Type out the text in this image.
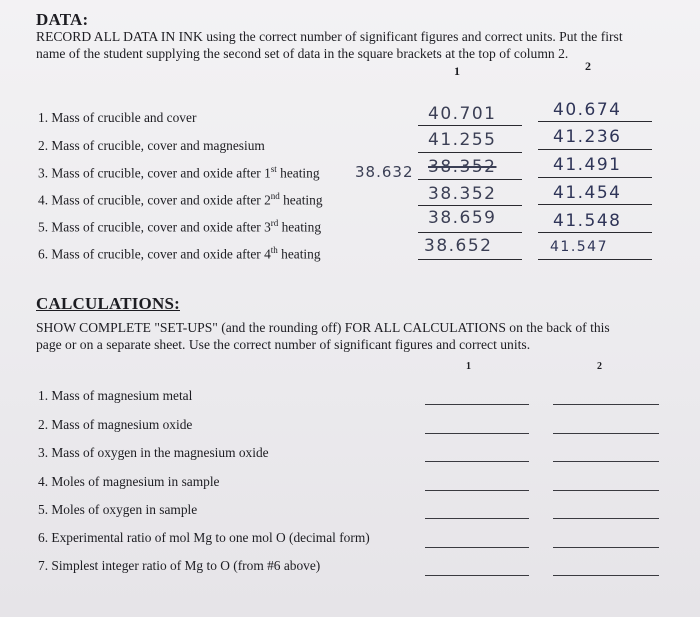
DATA:
RECORD ALL DATA IN INK using the correct number of significant figures and correct units. Put the first
name of the student supplying the second set of data in the square brackets at the top of column 2.
1	2
1. Mass of crucible and cover
2. Mass of crucible, cover and magnesium
3. Mass of crucible, cover and oxide after 1st heating
4. Mass of crucible, cover and oxide after 2nd heating
5. Mass of crucible, cover and oxide after 3rd heating
6. Mass of crucible, cover and oxide after 4th heating
38.632
40.701
41.255
38.352
38.352
38.659
38.652
40.674
41.236
41.491
41.454
41.548
41.547
CALCULATIONS:
SHOW COMPLETE "SET-UPS" (and the rounding off) FOR ALL CALCULATIONS on the back of this
page or on a separate sheet. Use the correct number of significant figures and correct units.
1	2
1. Mass of magnesium metal
2. Mass of magnesium oxide
3. Mass of oxygen in the magnesium oxide
4. Moles of magnesium in sample
5. Moles of oxygen in sample
6. Experimental ratio of mol Mg to one mol O (decimal form)
7. Simplest integer ratio of Mg to O (from #6 above)
